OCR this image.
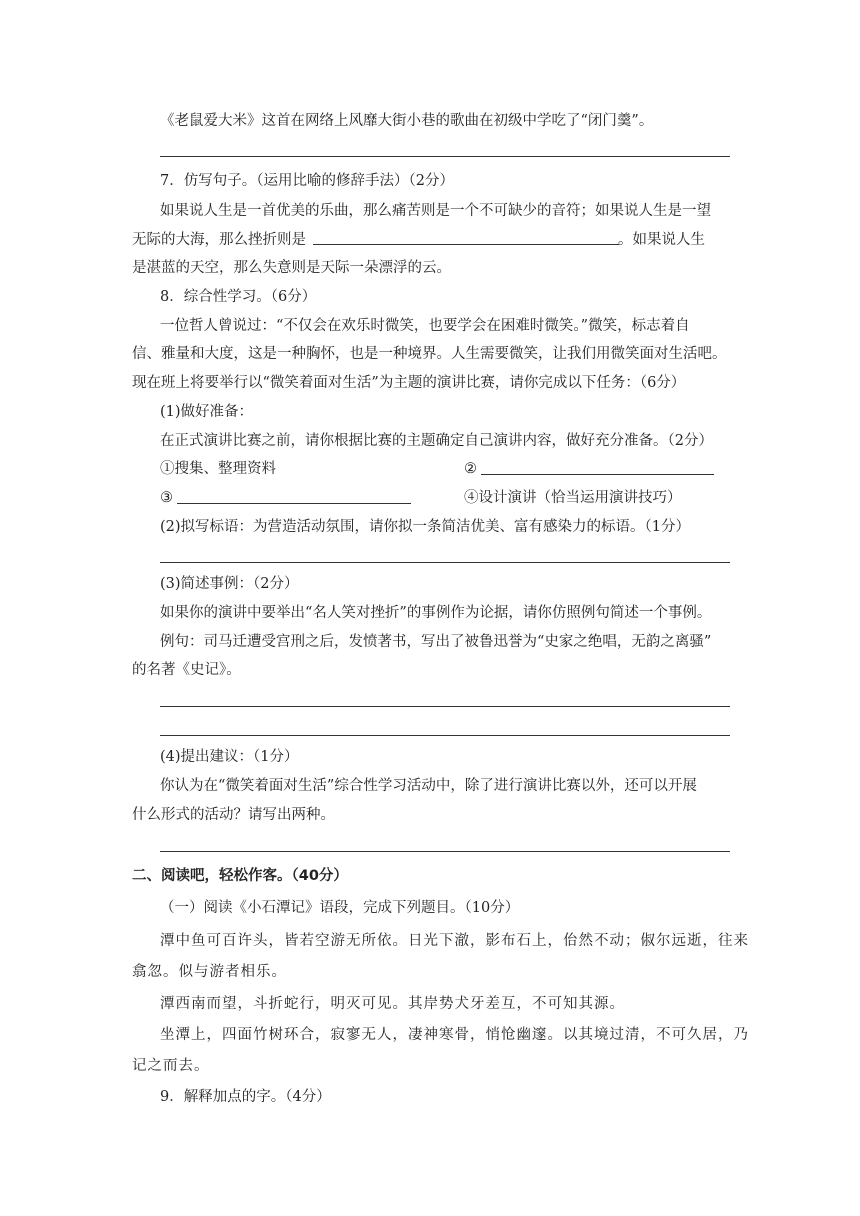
《老鼠爱大米》这首在网络上风靡大街小巷的歌曲在初级中学吃了“闭门羹”。
7．仿写句子。（运用比喻的修辞手法）（2分）
如果说人生是一首优美的乐曲，那么痛苦则是一个不可缺少的音符；如果说人生是一望
无际的大海，那么挫折则是	。如果说人生
是湛蓝的天空，那么失意则是天际一朵漂浮的云。
8．综合性学习。（6分）
一位哲人曾说过：“不仅会在欢乐时微笑，也要学会在困难时微笑。”微笑，标志着自
信、雅量和大度，这是一种胸怀，也是一种境界。人生需要微笑，让我们用微笑面对生活吧。
现在班上将要举行以“微笑着面对生活”为主题的演讲比赛，请你完成以下任务：（6分）
(1)做好准备：
在正式演讲比赛之前，请你根据比赛的主题确定自己演讲内容，做好充分准备。（2分）
①搜集、整理资料	②
③	④设计演讲（恰当运用演讲技巧）
(2)拟写标语：为营造活动氛围，请你拟一条简洁优美、富有感染力的标语。（1分）
(3)简述事例：（2分）
如果你的演讲中要举出“名人笑对挫折”的事例作为论据，请你仿照例句简述一个事例。
例句：司马迁遭受宫刑之后，发愤著书，写出了被鲁迅誉为“史家之绝唱，无韵之离骚”
的名著《史记》。
(4)提出建议：（1分）
你认为在“微笑着面对生活”综合性学习活动中，除了进行演讲比赛以外，还可以开展
什么形式的活动？请写出两种。
二、阅读吧，轻松作客。（40分）
（一）阅读《小石潭记》语段，完成下列题目。（10分）
潭中鱼可百许头，皆若空游无所依。日光下澈，影布石上，佁然不动；俶尔远逝，往来
翕忽。似与游者相乐。
潭西南而望，斗折蛇行，明灭可见。其岸势犬牙差互，不可知其源。
坐潭上，四面竹树环合，寂寥无人，凄神寒骨，悄怆幽邃。以其境过清，不可久居，乃
记之而去。
9．解释加点的字。（4分）
